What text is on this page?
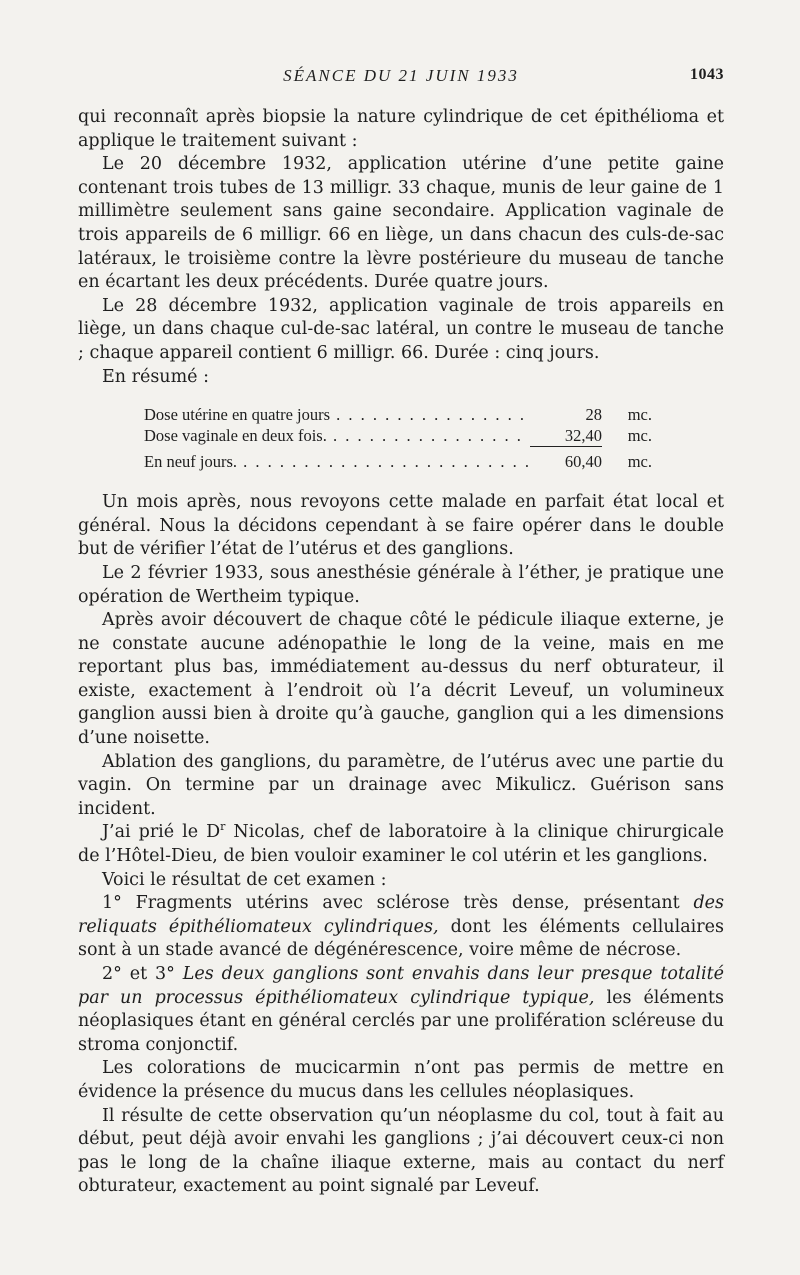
SÉANCE DU 21 JUIN 1933	1043

qui reconnaît après biopsie la nature cylindrique de cet épithélioma et applique le traitement suivant :

Le 20 décembre 1932, application utérine d’une petite gaine contenant trois tubes de 13 milligr. 33 chaque, munis de leur gaine de 1 millimètre seulement sans gaine secondaire. Application vaginale de trois appareils de 6 milligr. 66 en liège, un dans chacun des culs-de-sac latéraux, le troisième contre la lèvre postérieure du museau de tanche en écartant les deux précédents. Durée quatre jours.

Le 28 décembre 1932, application vaginale de trois appareils en liège, un dans chaque cul-de-sac latéral, un contre le museau de tanche ; chaque appareil contient 6 milligr. 66. Durée : cinq jours.

En résumé :

Dose utérine en quatre jours . . .	28	mc.
Dose vaginale en deux fois. . . .	32,40	mc.
En neuf jours. . . .	60,40	mc.

Un mois après, nous revoyons cette malade en parfait état local et général. Nous la décidons cependant à se faire opérer dans le double but de vérifier l’état de l’utérus et des ganglions.

Le 2 février 1933, sous anesthésie générale à l’éther, je pratique une opération de Wertheim typique.

Après avoir découvert de chaque côté le pédicule iliaque externe, je ne constate aucune adénopathie le long de la veine, mais en me reportant plus bas, immédiatement au-dessus du nerf obturateur, il existe, exactement à l’endroit où l’a décrit Leveuf, un volumineux ganglion aussi bien à droite qu’à gauche, ganglion qui a les dimensions d’une noisette.

Ablation des ganglions, du paramètre, de l’utérus avec une partie du vagin. On termine par un drainage avec Mikulicz. Guérison sans incident.

J’ai prié le $D^r$ Nicolas, chef de laboratoire à la clinique chirurgicale de l’Hôtel-Dieu, de bien vouloir examiner le col utérin et les ganglions.

Voici le résultat de cet examen :

1° Fragments utérins avec sclérose très dense, présentant des reliquats épithéliomateux cylindriques, dont les éléments cellulaires sont à un stade avancé de dégénérescence, voire même de nécrose.

2° et 3° Les deux ganglions sont envahis dans leur presque totalité par un processus épithéliomateux cylindrique typique, les éléments néoplasiques étant en général cerclés par une prolifération scléreuse du stroma conjonctif.

Les colorations de mucicarmin n’ont pas permis de mettre en évidence la présence du mucus dans les cellules néoplasiques.

Il résulte de cette observation qu’un néoplasme du col, tout à fait au début, peut déjà avoir envahi les ganglions ; j’ai découvert ceux-ci non pas le long de la chaîne iliaque externe, mais au contact du nerf obturateur, exactement au point signalé par Leveuf.
